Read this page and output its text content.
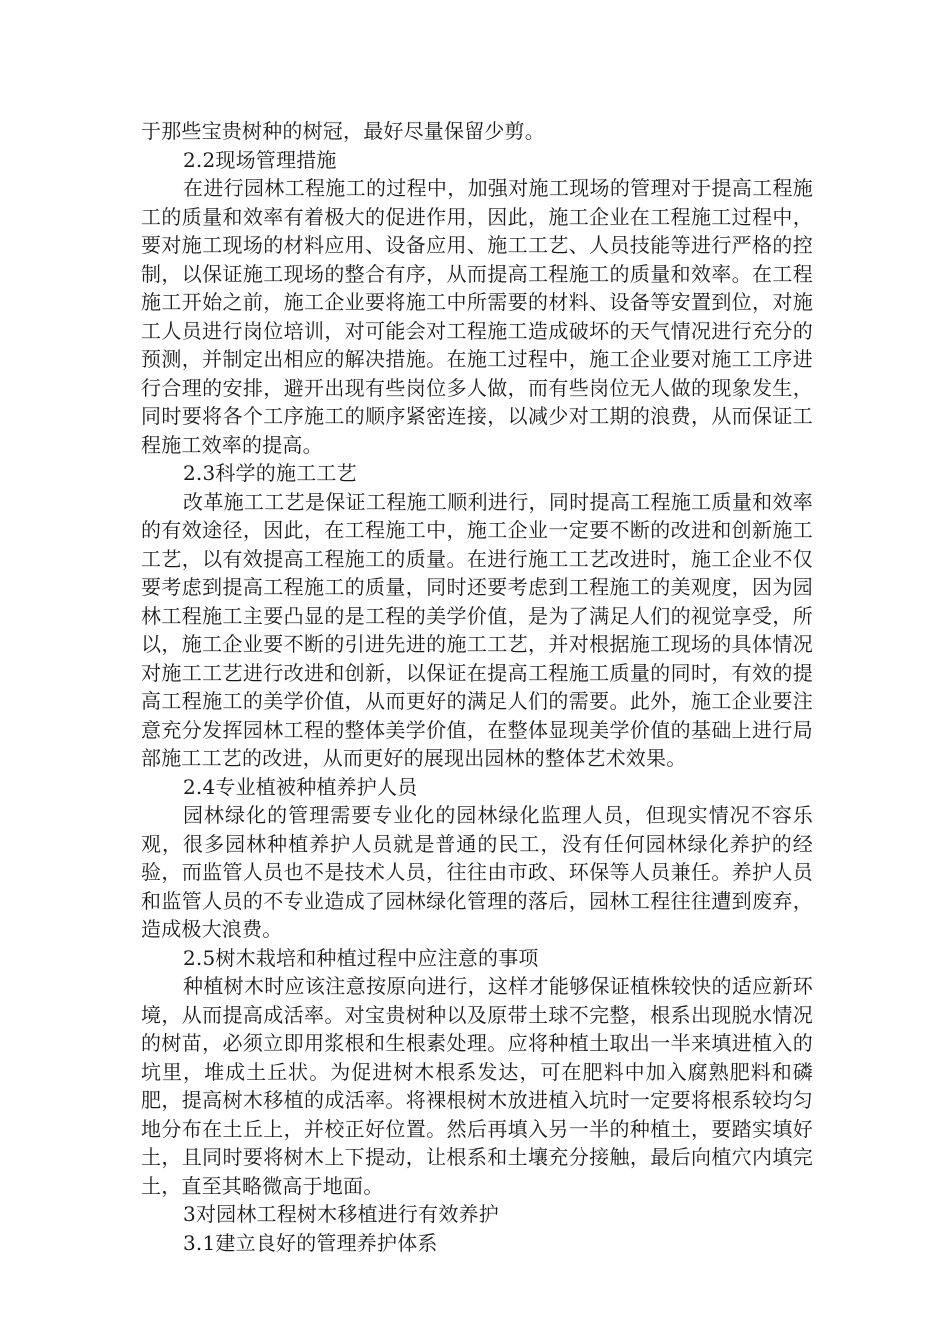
于那些宝贵树种的树冠，最好尽量保留少剪。

2.2现场管理措施

在进行园林工程施工的过程中，加强对施工现场的管理对于提高工程施工的质量和效率有着极大的促进作用，因此，施工企业在工程施工过程中，要对施工现场的材料应用、设备应用、施工工艺、人员技能等进行严格的控制，以保证施工现场的整合有序，从而提高工程施工的质量和效率。在工程施工开始之前，施工企业要将施工中所需要的材料、设备等安置到位，对施工人员进行岗位培训，对可能会对工程施工造成破坏的天气情况进行充分的预测，并制定出相应的解决措施。在施工过程中，施工企业要对施工工序进行合理的安排，避开出现有些岗位多人做，而有些岗位无人做的现象发生，同时要将各个工序施工的顺序紧密连接，以减少对工期的浪费，从而保证工程施工效率的提高。

2.3科学的施工工艺

改革施工工艺是保证工程施工顺利进行，同时提高工程施工质量和效率的有效途径，因此，在工程施工中，施工企业一定要不断的改进和创新施工工艺，以有效提高工程施工的质量。在进行施工工艺改进时，施工企业不仅要考虑到提高工程施工的质量，同时还要考虑到工程施工的美观度，因为园林工程施工主要凸显的是工程的美学价值，是为了满足人们的视觉享受，所以，施工企业要不断的引进先进的施工工艺，并对根据施工现场的具体情况对施工工艺进行改进和创新，以保证在提高工程施工质量的同时，有效的提高工程施工的美学价值，从而更好的满足人们的需要。此外，施工企业要注意充分发挥园林工程的整体美学价值，在整体显现美学价值的基础上进行局部施工工艺的改进，从而更好的展现出园林的整体艺术效果。

2.4专业植被种植养护人员

园林绿化的管理需要专业化的园林绿化监理人员，但现实情况不容乐观，很多园林种植养护人员就是普通的民工，没有任何园林绿化养护的经验，而监管人员也不是技术人员，往往由市政、环保等人员兼任。养护人员和监管人员的不专业造成了园林绿化管理的落后，园林工程往往遭到废弃，造成极大浪费。

2.5树木栽培和种植过程中应注意的事项

种植树木时应该注意按原向进行，这样才能够保证植株较快的适应新环境，从而提高成活率。对宝贵树种以及原带土球不完整，根系出现脱水情况的树苗，必须立即用浆根和生根素处理。应将种植土取出一半来填进植入的坑里，堆成土丘状。为促进树木根系发达，可在肥料中加入腐熟肥料和磷肥，提高树木移植的成活率。将裸根树木放进植入坑时一定要将根系较均匀地分布在土丘上，并校正好位置。然后再填入另一半的种植土，要踏实填好土，且同时要将树木上下提动，让根系和土壤充分接触，最后向植穴内填完土，直至其略微高于地面。

3对园林工程树木移植进行有效养护

3.1建立良好的管理养护体系
